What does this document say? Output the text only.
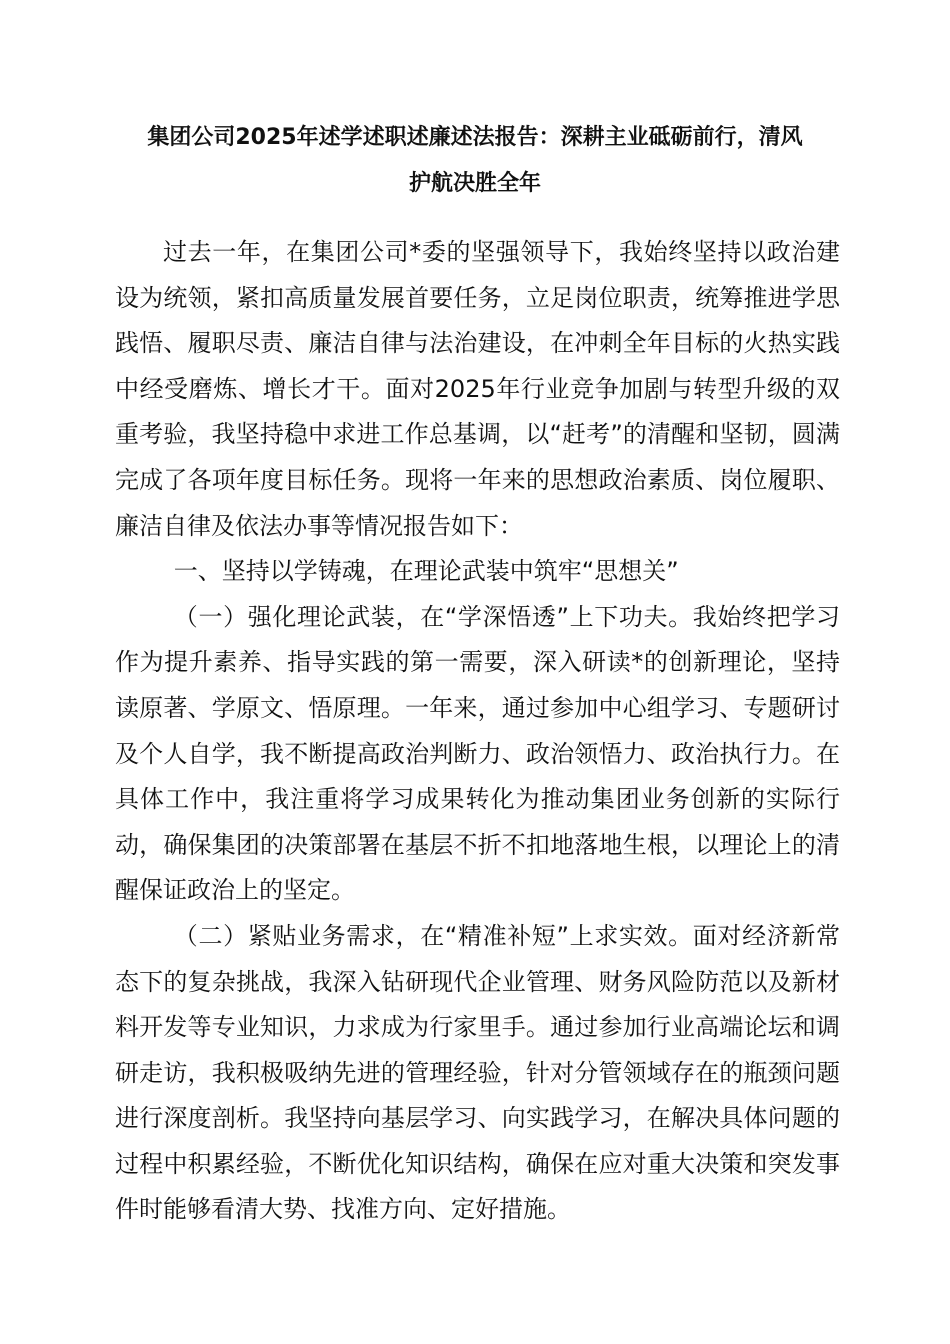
集团公司2025年述学述职述廉述法报告：深耕主业砥砺前行，清风
护航决胜全年

过去一年，在集团公司*委的坚强领导下，我始终坚持以政治建设为统领，紧扣高质量发展首要任务，立足岗位职责，统筹推进学思践悟、履职尽责、廉洁自律与法治建设，在冲刺全年目标的火热实践中经受磨炼、增长才干。面对2025年行业竞争加剧与转型升级的双重考验，我坚持稳中求进工作总基调，以“赶考”的清醒和坚韧，圆满完成了各项年度目标任务。现将一年来的思想政治素质、岗位履职、廉洁自律及依法办事等情况报告如下：

一、坚持以学铸魂，在理论武装中筑牢“思想关”

（一）强化理论武装，在“学深悟透”上下功夫。我始终把学习作为提升素养、指导实践的第一需要，深入研读*的创新理论，坚持读原著、学原文、悟原理。一年来，通过参加中心组学习、专题研讨及个人自学，我不断提高政治判断力、政治领悟力、政治执行力。在具体工作中，我注重将学习成果转化为推动集团业务创新的实际行动，确保集团的决策部署在基层不折不扣地落地生根，以理论上的清醒保证政治上的坚定。

（二）紧贴业务需求，在“精准补短”上求实效。面对经济新常态下的复杂挑战，我深入钻研现代企业管理、财务风险防范以及新材料开发等专业知识，力求成为行家里手。通过参加行业高端论坛和调研走访，我积极吸纳先进的管理经验，针对分管领域存在的瓶颈问题进行深度剖析。我坚持向基层学习、向实践学习，在解决具体问题的过程中积累经验，不断优化知识结构，确保在应对重大决策和突发事件时能够看清大势、找准方向、定好措施。
